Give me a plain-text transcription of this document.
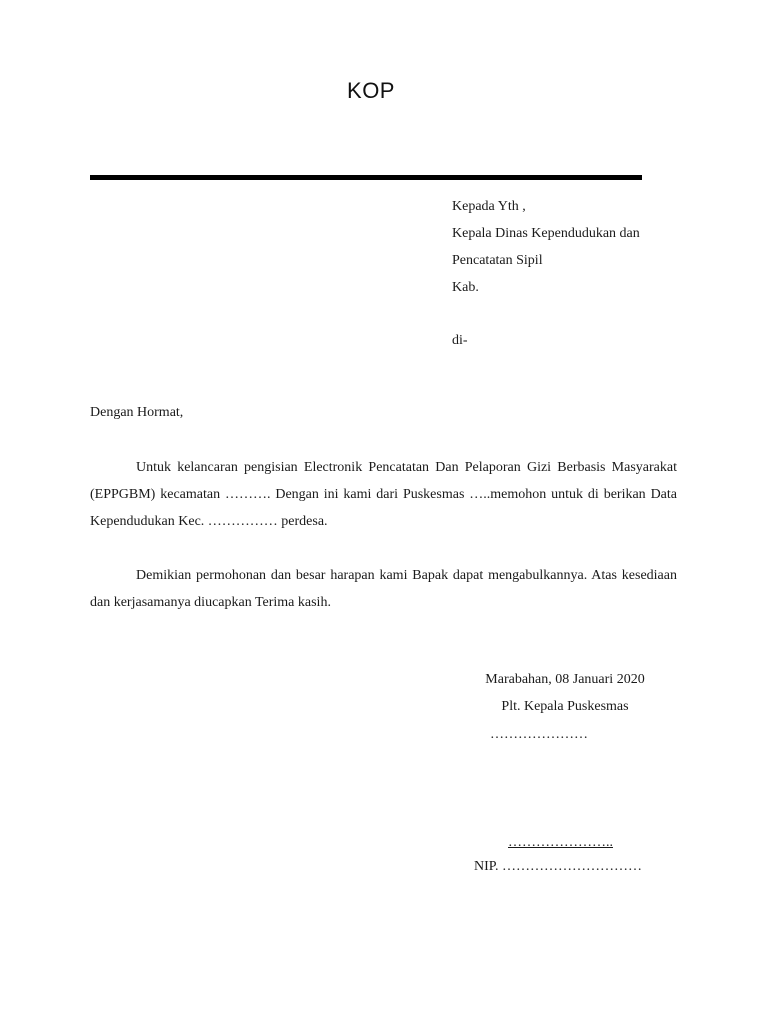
KOP
Kepada Yth ,
Kepala Dinas Kependudukan dan
Pencatatan Sipil
Kab.
di-
Dengan Hormat,
Untuk kelancaran pengisian Electronik Pencatatan Dan Pelaporan Gizi Berbasis Masyarakat (EPPGBM) kecamatan ………. Dengan ini kami dari Puskesmas …..memohon untuk di berikan Data Kependudukan Kec. …………… perdesa.
Demikian permohonan dan besar harapan kami Bapak dapat mengabulkannya. Atas kesediaan dan kerjasamanya diucapkan Terima kasih.
Marabahan, 08 Januari 2020
Plt. Kepala Puskesmas
…………………
…………………..
NIP. …………………………
